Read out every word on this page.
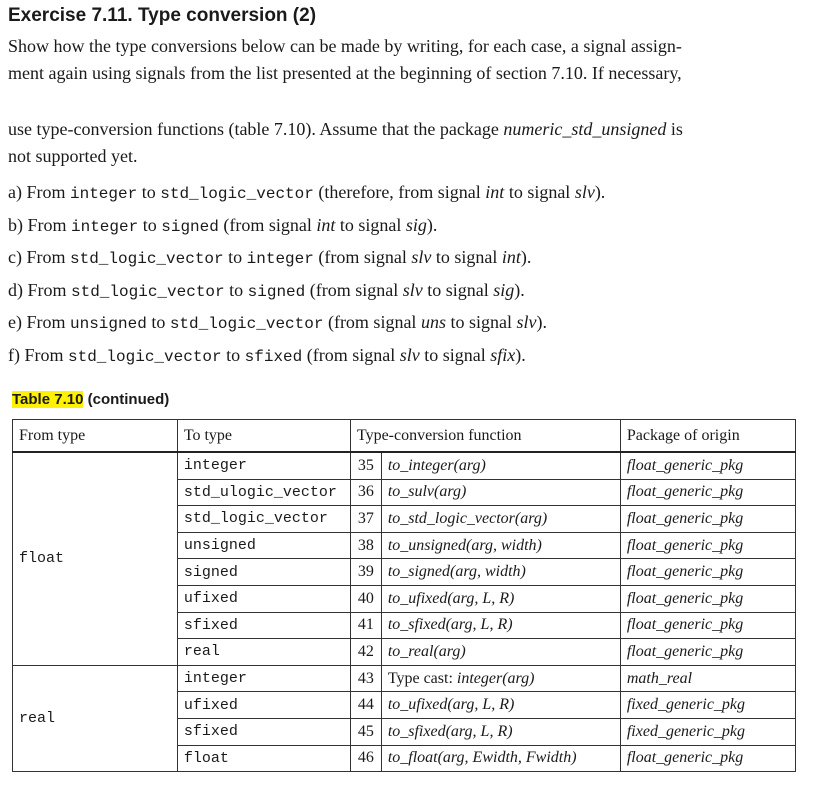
Exercise 7.11. Type conversion (2)

Show how the type conversions below can be made by writing, for each case, a signal assign-
ment again using signals from the list presented at the beginning of section 7.10. If necessary,

use type-conversion functions (table 7.10). Assume that the package numeric_std_unsigned is
not supported yet.

a) From integer to std_logic_vector (therefore, from signal int to signal slv).
b) From integer to signed (from signal int to signal sig).
c) From std_logic_vector to integer (from signal slv to signal int).
d) From std_logic_vector to signed (from signal slv to signal sig).
e) From unsigned to std_logic_vector (from signal uns to signal slv).
f) From std_logic_vector to sfixed (from signal slv to signal sfix).

Table 7.10 (continued)

From type	To type	Type-conversion function		Package of origin
float	integer	35	to_integer(arg)	float_generic_pkg
	std_ulogic_vector	36	to_sulv(arg)	float_generic_pkg
	std_logic_vector	37	to_std_logic_vector(arg)	float_generic_pkg
	unsigned	38	to_unsigned(arg, width)	float_generic_pkg
	signed	39	to_signed(arg, width)	float_generic_pkg
	ufixed	40	to_ufixed(arg, L, R)	float_generic_pkg
	sfixed	41	to_sfixed(arg, L, R)	float_generic_pkg
	real	42	to_real(arg)	float_generic_pkg
real	integer	43	Type cast: integer(arg)	math_real
	ufixed	44	to_ufixed(arg, L, R)	fixed_generic_pkg
	sfixed	45	to_sfixed(arg, L, R)	fixed_generic_pkg
	float	46	to_float(arg, Ewidth, Fwidth)	float_generic_pkg
